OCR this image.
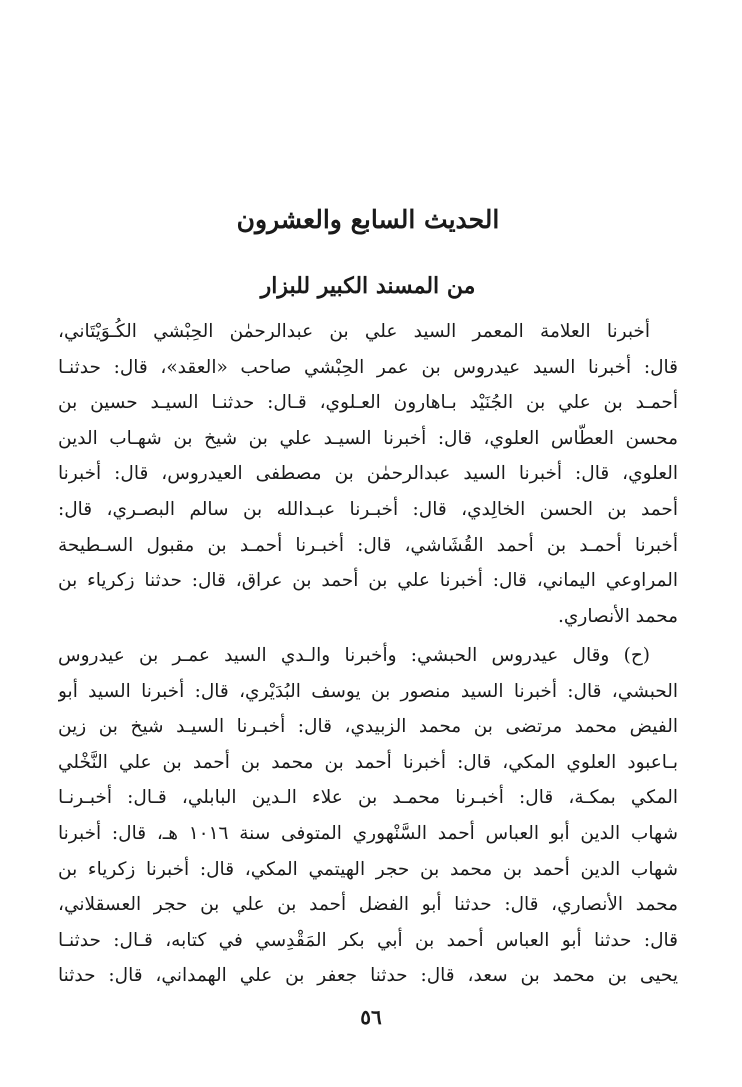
الحديث السابع والعشرون
من المسند الكبير للبزار
أخبرنا العلامة المعمر السيد علي بن عبدالرحمٰن الحِبْشي الكُـوَيْتَاني،
قال: أخبرنا السيد عيدروس بن عمر الحِبْشي صاحب «العقد»، قال: حدثنـا
أحمـد بن علي بن الجُنَيْد بـاهارون العـلوي، قـال: حدثنـا السيـد حسين بن
محسن العطّاس العلوي، قال: أخبرنا السيـد علي بن شيخ بن شهـاب الدين
العلوي، قال: أخبرنا السيد عبدالرحمٰن بن مصطفى العيدروس، قال: أخبرنا
أحمد بن الحسن الخالِدي، قال: أخبـرنا عبـدالله بن سالم البصـري، قال:
أخبرنا أحمـد بن أحمد القُشَاشي، قال: أخبـرنا أحمـد بن مقبول السـطيحة
المراوعي اليماني، قال: أخبرنا علي بن أحمد بن عراق، قال: حدثنا زكرياء بن
محمد الأنصاري.
(ح) وقال عيدروس الحبشي: وأخبرنا والـدي السيد عمـر بن عيدروس
الحبشي، قال: أخبرنا السيد منصور بن يوسف البُدَيْري، قال: أخبرنا السيد أبو
الفيض محمد مرتضى بن محمد الزبيدي، قال: أخبـرنا السيـد شيخ بن زين
بـاعبود العلوي المكي، قال: أخبرنا أحمد بن محمد بن أحمد بن علي النَّخْلي
المكي بمكـة، قال: أخبـرنا محمـد بن علاء الـدين البابلي، قـال: أخبـرنـا
شهاب الدين أبو العباس أحمد السَّنْهوري المتوفى سنة ١٠١٦ هـ، قال: أخبرنا
شهاب الدين أحمد بن محمد بن حجر الهيتمي المكي، قال: أخبرنا زكرياء بن
محمد الأنصاري، قال: حدثنا أبو الفضل أحمد بن علي بن حجر العسقلاني،
قال: حدثنا أبو العباس أحمد بن أبي بكر المَقْدِسي في كتابه، قـال: حدثنـا
يحيى بن محمد بن سعد، قال: حدثنا جعفر بن علي الهمداني، قال: حدثنا
٥٦
